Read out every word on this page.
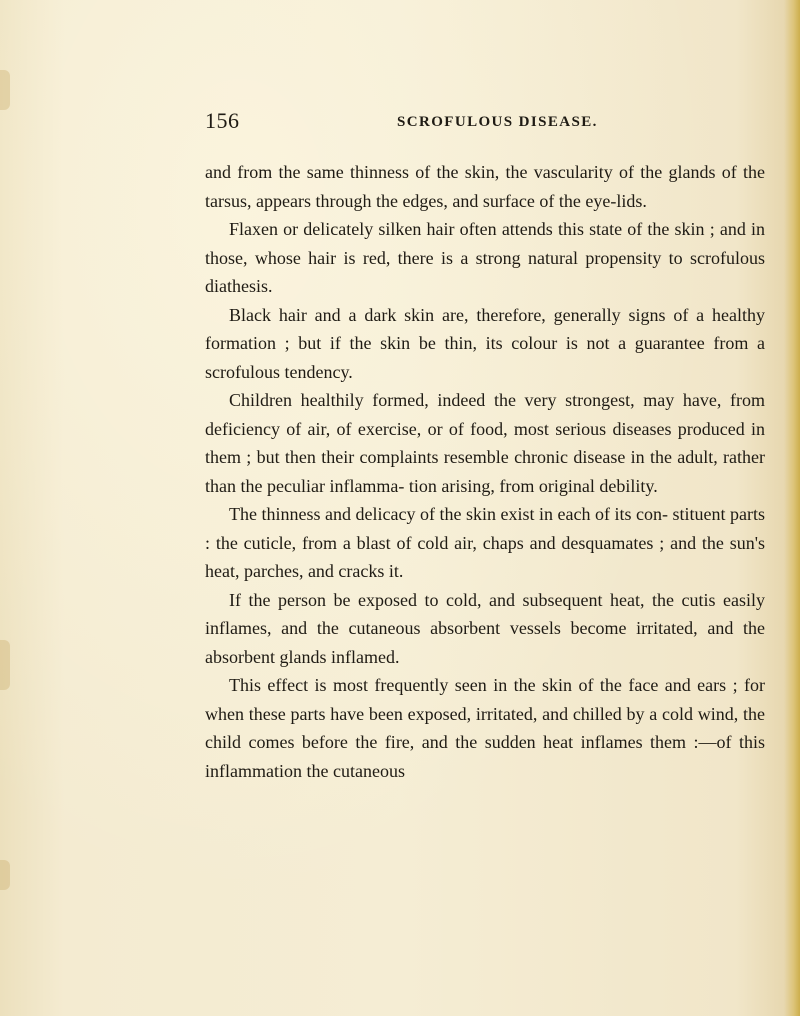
156	SCROFULOUS DISEASE.

and from the same thinness of the skin, the vascularity of the glands of the tarsus, appears through the edges, and surface of the eye-lids.

Flaxen or delicately silken hair often attends this state of the skin ; and in those, whose hair is red, there is a strong natural propensity to scrofulous diathesis.

Black hair and a dark skin are, therefore, generally signs of a healthy formation ; but if the skin be thin, its colour is not a guarantee from a scrofulous tendency.

Children healthily formed, indeed the very strongest, may have, from deficiency of air, of exercise, or of food, most serious diseases produced in them ; but then their complaints resemble chronic disease in the adult, rather than the peculiar inflamma- tion arising, from original debility.

The thinness and delicacy of the skin exist in each of its con- stituent parts : the cuticle, from a blast of cold air, chaps and desquamates ; and the sun's heat, parches, and cracks it.

If the person be exposed to cold, and subsequent heat, the cutis easily inflames, and the cutaneous absorbent vessels become irritated, and the absorbent glands inflamed.

This effect is most frequently seen in the skin of the face and ears ; for when these parts have been exposed, irritated, and chilled by a cold wind, the child comes before the fire, and the sudden heat inflames them :—of this inflammation the cutaneous
